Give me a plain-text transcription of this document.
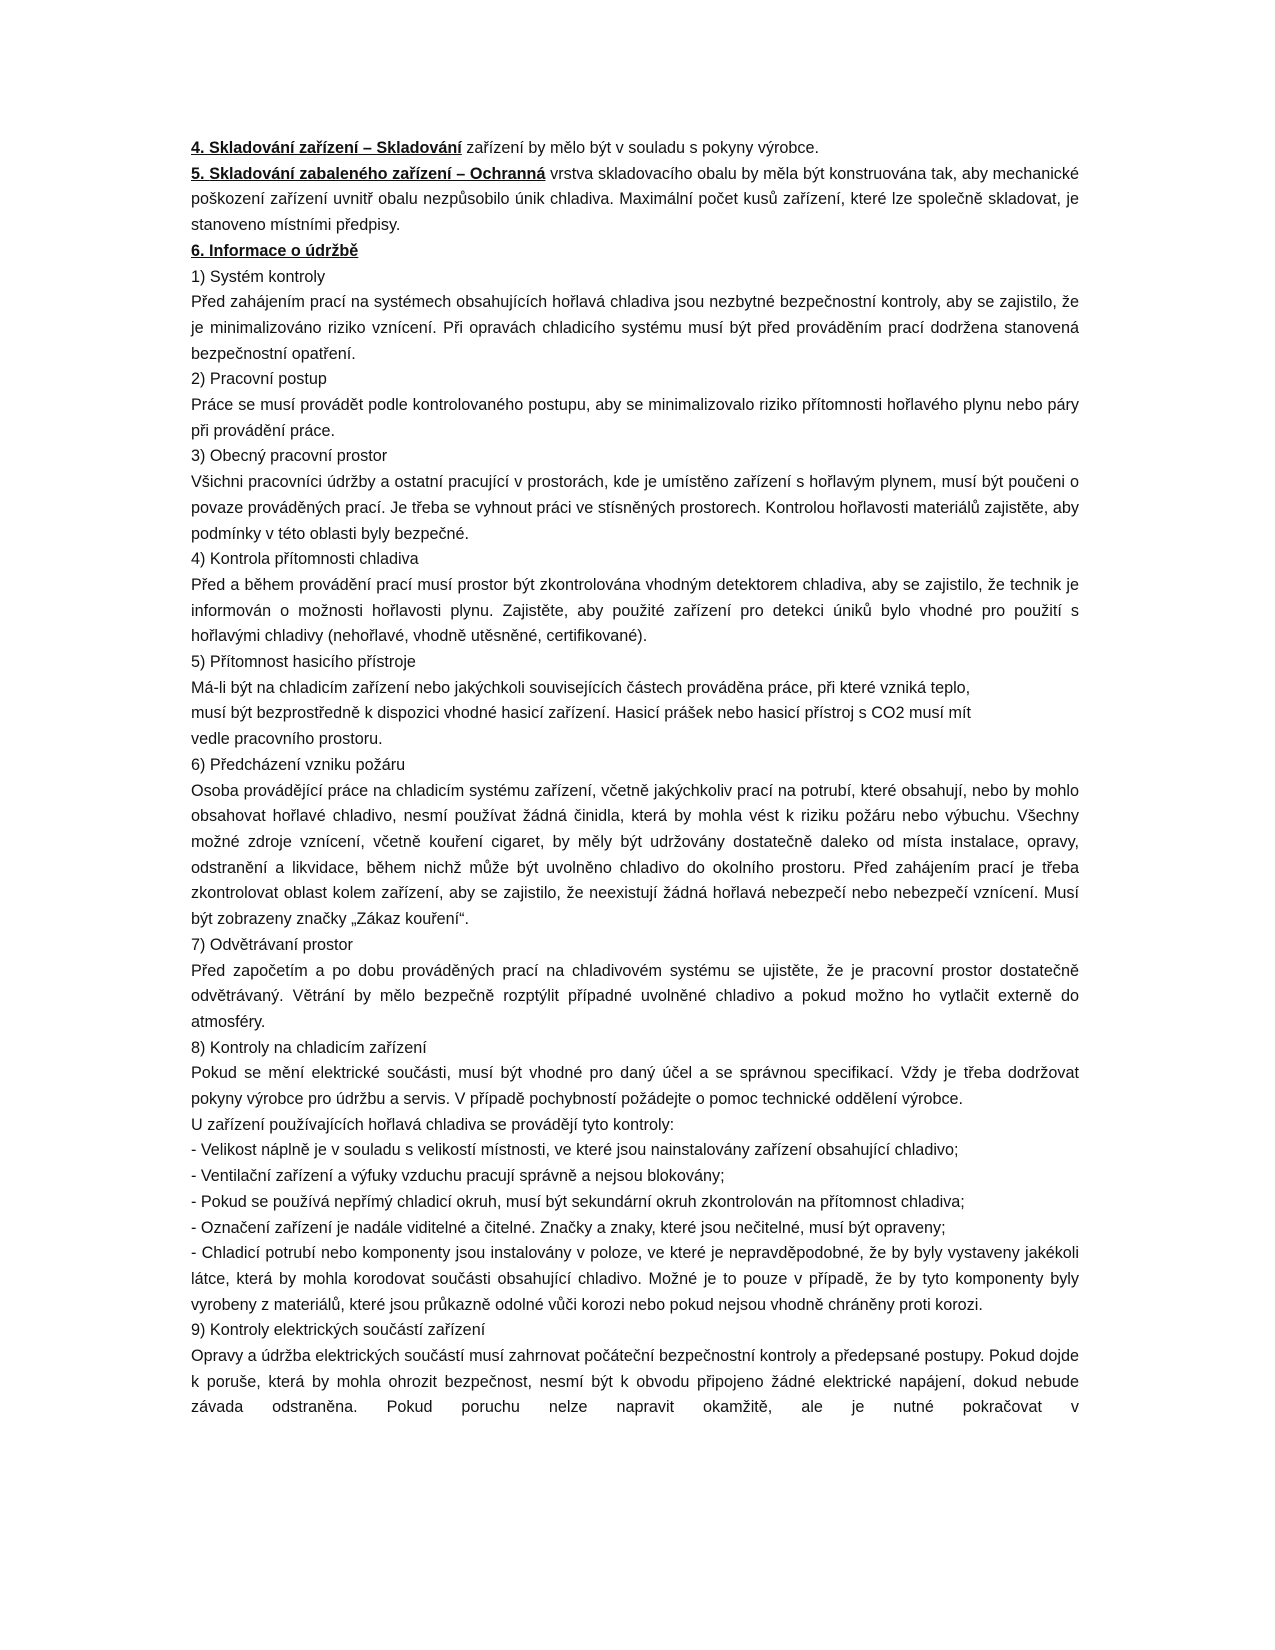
4. Skladování zařízení – Skladování zařízení by mělo být v souladu s pokyny výrobce.

5. Skladování zabaleného zařízení – Ochranná vrstva skladovacího obalu by měla být konstruována tak, aby mechanické poškození zařízení uvnitř obalu nezpůsobilo únik chladiva. Maximální počet kusů zařízení, které lze společně skladovat, je stanoveno místními předpisy.

6. Informace o údržbě

1) Systém kontroly

Před zahájením prací na systémech obsahujících hořlavá chladiva jsou nezbytné bezpečnostní kontroly, aby se zajistilo, že je minimalizováno riziko vznícení. Při opravách chladicího systému musí být před prováděním prací dodržena stanovená bezpečnostní opatření.

2) Pracovní postup

Práce se musí provádět podle kontrolovaného postupu, aby se minimalizovalo riziko přítomnosti hořlavého plynu nebo páry při provádění práce.

3) Obecný pracovní prostor

Všichni pracovníci údržby a ostatní pracující v prostorách, kde je umístěno zařízení s hořlavým plynem, musí být poučeni o povaze prováděných prací. Je třeba se vyhnout práci ve stísněných prostorech. Kontrolou hořlavosti materiálů zajistěte, aby podmínky v této oblasti byly bezpečné.

4) Kontrola přítomnosti chladiva

Před a během provádění prací musí prostor být zkontrolována vhodným detektorem chladiva, aby se zajistilo, že technik je informován o možnosti hořlavosti plynu. Zajistěte, aby použité zařízení pro detekci úniků bylo vhodné pro použití s hořlavými chladivy (nehořlavé, vhodně utěsněné, certifikované).

5) Přítomnost hasicího přístroje

Má-li být na chladicím zařízení nebo jakýchkoli souvisejících částech prováděna práce, při které vzniká teplo,

musí být bezprostředně k dispozici vhodné hasicí zařízení. Hasicí prášek nebo hasicí přístroj s CO2 musí mít

vedle pracovního prostoru.

6) Předcházení vzniku požáru

Osoba provádějící práce na chladicím systému zařízení, včetně jakýchkoliv prací na potrubí, které obsahují, nebo by mohlo obsahovat hořlavé chladivo, nesmí používat žádná činidla, která by mohla vést k riziku požáru nebo výbuchu. Všechny možné zdroje vznícení, včetně kouření cigaret, by měly být udržovány dostatečně daleko od místa instalace, opravy, odstranění a likvidace, během nichž může být uvolněno chladivo do okolního prostoru. Před zahájením prací je třeba zkontrolovat oblast kolem zařízení, aby se zajistilo, že neexistují žádná hořlavá nebezpečí nebo nebezpečí vznícení. Musí být zobrazeny značky „Zákaz kouření“.

7) Odvětrávaní prostor

Před započetím a po dobu prováděných prací na chladivovém systému se ujistěte, že je pracovní prostor dostatečně odvětrávaný. Větrání by mělo bezpečně rozptýlit případné uvolněné chladivo a pokud možno ho vytlačit externě do atmosféry.

8) Kontroly na chladicím zařízení

Pokud se mění elektrické součásti, musí být vhodné pro daný účel a se správnou specifikací. Vždy je třeba dodržovat pokyny výrobce pro údržbu a servis. V případě pochybností požádejte o pomoc technické oddělení výrobce.

U zařízení používajících hořlavá chladiva se provádějí tyto kontroly:

- Velikost náplně je v souladu s velikostí místnosti, ve které jsou nainstalovány zařízení obsahující chladivo;

- Ventilační zařízení a výfuky vzduchu pracují správně a nejsou blokovány;

- Pokud se používá nepřímý chladicí okruh, musí být sekundární okruh zkontrolován na přítomnost chladiva;

- Označení zařízení je nadále viditelné a čitelné. Značky a znaky, které jsou nečitelné, musí být opraveny;

- Chladicí potrubí nebo komponenty jsou instalovány v poloze, ve které je nepravděpodobné, že by byly vystaveny jakékoli látce, která by mohla korodovat součásti obsahující chladivo. Možné je to pouze v případě, že by tyto komponenty byly vyrobeny z materiálů, které jsou průkazně odolné vůči korozi nebo pokud nejsou vhodně chráněny proti korozi.

9) Kontroly elektrických součástí zařízení

Opravy a údržba elektrických součástí musí zahrnovat počáteční bezpečnostní kontroly a předepsané postupy. Pokud dojde k poruše, která by mohla ohrozit bezpečnost, nesmí být k obvodu připojeno žádné elektrické napájení, dokud nebude závada odstraněna. Pokud poruchu nelze napravit okamžitě, ale je nutné pokračovat v
